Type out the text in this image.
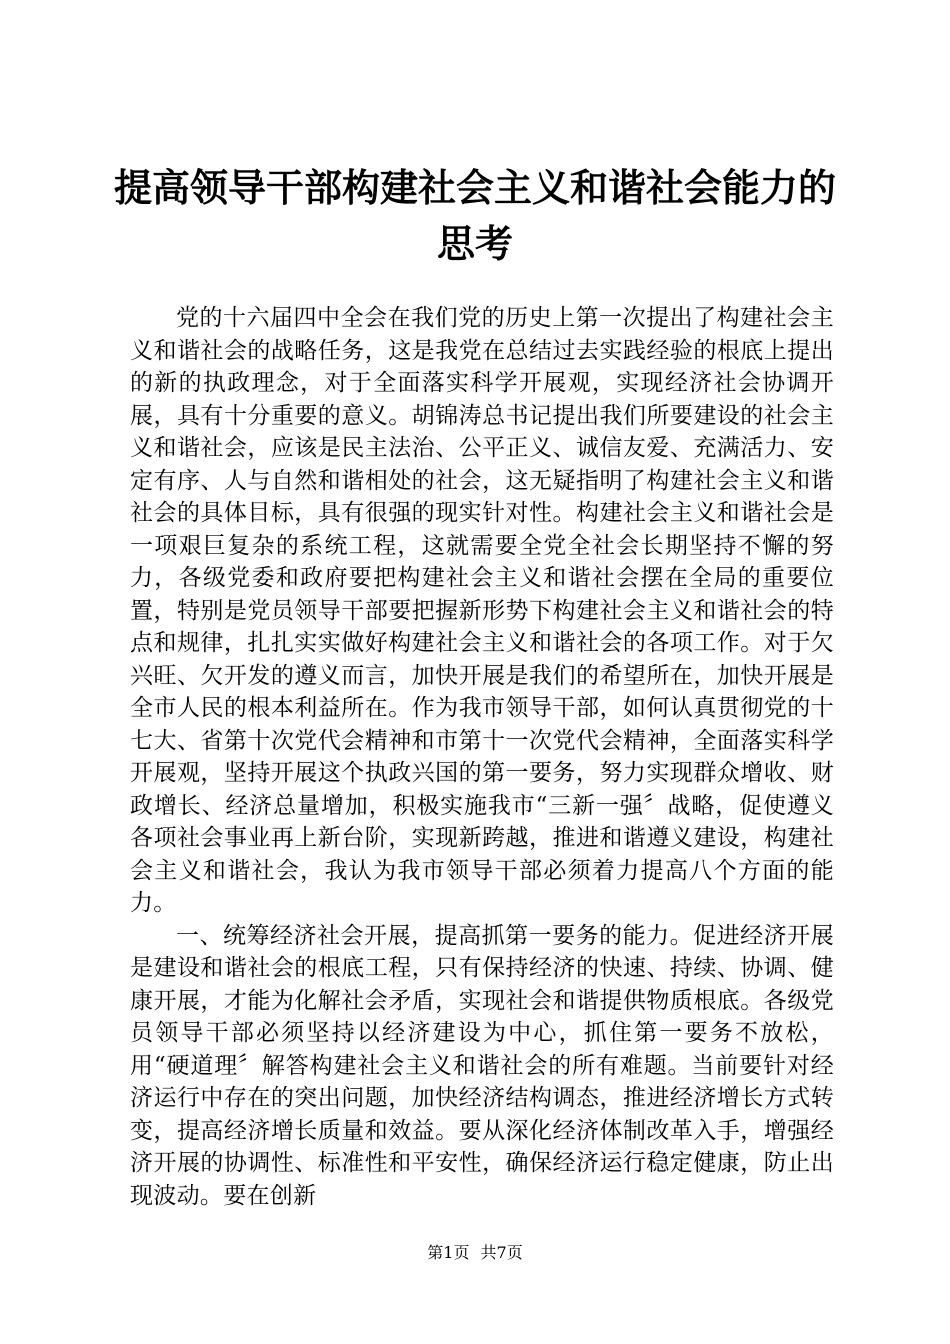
提高领导干部构建社会主义和谐社会能力的思考

党的十六届四中全会在我们党的历史上第一次提出了构建社会主义和谐社会的战略任务，这是我党在总结过去实践经验的根底上提出的新的执政理念，对于全面落实科学开展观，实现经济社会协调开展，具有十分重要的意义。胡锦涛总书记提出我们所要建设的社会主义和谐社会，应该是民主法治、公平正义、诚信友爱、充满活力、安定有序、人与自然和谐相处的社会，这无疑指明了构建社会主义和谐社会的具体目标，具有很强的现实针对性。构建社会主义和谐社会是一项艰巨复杂的系统工程，这就需要全党全社会长期坚持不懈的努力，各级党委和政府要把构建社会主义和谐社会摆在全局的重要位置，特别是党员领导干部要把握新形势下构建社会主义和谐社会的特点和规律，扎扎实实做好构建社会主义和谐社会的各项工作。对于欠兴旺、欠开发的遵义而言，加快开展是我们的希望所在，加快开展是全市人民的根本利益所在。作为我市领导干部，如何认真贯彻党的十七大、省第十次党代会精神和市第十一次党代会精神，全面落实科学开展观，坚持开展这个执政兴国的第一要务，努力实现群众增收、财政增长、经济总量增加，积极实施我市“三新一强〞战略，促使遵义各项社会事业再上新台阶，实现新跨越，推进和谐遵义建设，构建社会主义和谐社会，我认为我市领导干部必须着力提高八个方面的能力。

一、统筹经济社会开展，提高抓第一要务的能力。促进经济开展是建设和谐社会的根底工程，只有保持经济的快速、持续、协调、健康开展，才能为化解社会矛盾，实现社会和谐提供物质根底。各级党员领导干部必须坚持以经济建设为中心，抓住第一要务不放松，用“硬道理〞解答构建社会主义和谐社会的所有难题。当前要针对经济运行中存在的突出问题，加快经济结构调态，推进经济增长方式转变，提高经济增长质量和效益。要从深化经济体制改革入手，增强经济开展的协调性、标准性和平安性，确保经济运行稳定健康，防止出现波动。要在创新

第1页 共7页
